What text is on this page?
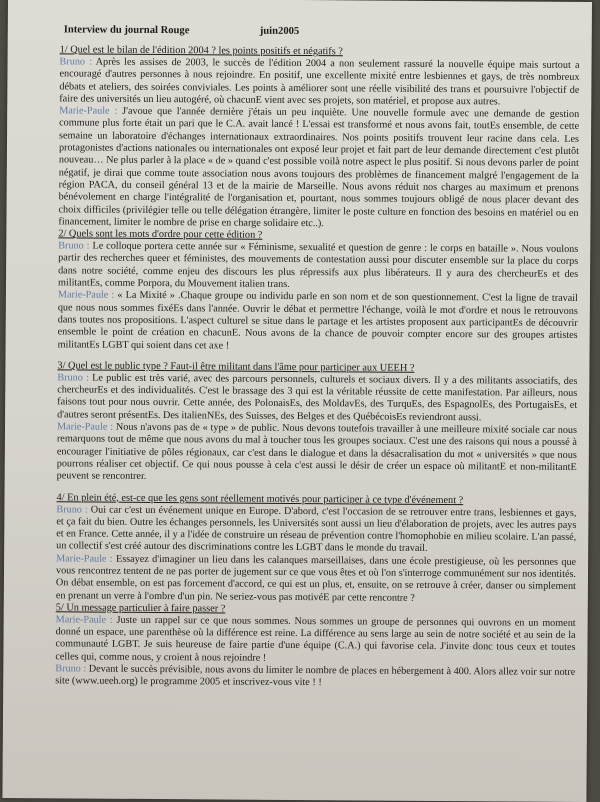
Interview du journal Rouge	juin2005

1/ Quel est le bilan de l'édition 2004 ? les points positifs et négatifs ?

Bruno : Après les assises de 2003, le succès de l'édition 2004 a non seulement rassuré la nouvelle équipe mais surtout a encouragé d'autres personnes à nous rejoindre. En positif, une excellente mixité entre lesbiennes et gays, de très nombreux débats et ateliers, des soirées conviviales. Les points à améliorer sont une réelle visibilité des trans et poursuivre l'objectif de faire des universités un lieu autogéré, où chacunE vient avec ses projets, son matériel, et propose aux autres.

Marie-Paule : J'avoue que l'année dernière j'étais un peu inquiète. Une nouvelle formule avec une demande de gestion commune plus forte était un pari que le C.A. avait lancé ! L'essai est transformé et nous avons fait, toutEs ensemble, de cette semaine un laboratoire d'échanges internationaux extraordinaires. Nos points positifs trouvent leur racine dans cela. Les protagonistes d'actions nationales ou internationales ont exposé leur projet et fait part de leur demande directement c'est plutôt nouveau… Ne plus parler à la place « de » quand c'est possible voilà notre aspect le plus positif. Si nous devons parler de point négatif, je dirai que comme toute association nous avons toujours des problèmes de financement malgré l'engagement de la région PACA, du conseil général 13 et de la mairie de Marseille. Nous avons réduit nos charges au maximum et prenons bénévolement en charge l'intégralité de l'organisation et, pourtant, nous sommes toujours obligé de nous placer devant des choix difficiles (privilégier telle ou telle délégation étrangère, limiter le poste culture en fonction des besoins en matériel ou en financement, limiter le nombre de prise en charge solidaire etc..).

2/ Quels sont les mots d'ordre pour cette édition ?

Bruno : Le colloque portera cette année sur « Féminisme, sexualité et question de genre : le corps en bataille ». Nous voulons partir des recherches queer et féministes, des mouvements de contestation aussi pour discuter ensemble sur la place du corps dans notre société, comme enjeu des discours les plus répressifs aux plus libérateurs. Il y aura des chercheurEs et des militantEs, comme Porpora, du Mouvement italien trans.

Marie-Paule : « La Mixité » .Chaque groupe ou individu parle en son nom et de son questionnement. C'est la ligne de travail que nous nous sommes fixéEs dans l'année. Ouvrir le débat et permettre l'échange, voilà le mot d'ordre et nous le retrouvons dans toutes nos propositions. L'aspect culturel se situe dans le partage et les artistes proposent aux participantEs de découvrir ensemble le point de création en chacunE. Nous avons de la chance de pouvoir compter encore sur des groupes artistes militantEs LGBT qui soient dans cet axe !

3/ Quel est le public type ? Faut-il être militant dans l'âme pour participer aux UEEH ?

Bruno : Le public est très varié, avec des parcours personnels, culturels et sociaux divers. Il y a des militants associatifs, des chercheurEs et des individualités. C'est le brassage des 3 qui est la véritable réussite de cette manifestation. Par ailleurs, nous faisons tout pour nous ouvrir. Cette année, des PolonaisEs, des MoldavEs, des TurquEs, des EspagnolEs, des PortugaisEs, et d'autres seront présentEs. Des italienNEs, des Suisses, des Belges et des QuébécoisEs reviendront aussi.

Marie-Paule : Nous n'avons pas de « type » de public. Nous devons toutefois travailler à une meilleure mixité sociale car nous remarquons tout de même que nous avons du mal à toucher tous les groupes sociaux. C'est une des raisons qui nous a poussé à encourager l'initiative de pôles régionaux, car c'est dans le dialogue et dans la désacralisation du mot « universités » que nous pourrons réaliser cet objectif. Ce qui nous pousse à cela c'est aussi le désir de créer un espace où militantE et non-militantE peuvent se rencontrer.

4/ En plein été, est-ce que les gens sont réellement motivés pour participer à ce type d'événement ?

Bruno : Oui car c'est un événement unique en Europe. D'abord, c'est l'occasion de se retrouver entre trans, lesbiennes et gays, et ça fait du bien. Outre les échanges personnels, les Universités sont aussi un lieu d'élaboration de projets, avec les autres pays et en France. Cette année, il y a l'idée de construire un réseau de prévention contre l'homophobie en milieu scolaire. L'an passé, un collectif s'est créé autour des discriminations contre les LGBT dans le monde du travail.

Marie-Paule : Essayez d'imaginer un lieu dans les calanques marseillaises, dans une école prestigieuse, où les personnes que vous rencontrez tentent de ne pas porter de jugement sur ce que vous êtes et où l'on s'interroge communément sur nos identités. On débat ensemble, on est pas forcement d'accord, ce qui est un plus, et, ensuite, on se retrouve à créer, danser ou simplement en prenant un verre à l'ombre d'un pin. Ne seriez-vous pas motivéE par cette rencontre ?

5/ Un message particulier à faire passer ?

Marie-Paule : Juste un rappel sur ce que nous sommes. Nous sommes un groupe de personnes qui ouvrons en un moment donné un espace, une parenthèse où la différence est reine. La différence au sens large au sein de notre société et au sein de la communauté LGBT. Je suis heureuse de faire partie d'une équipe (C.A.) qui favorise cela. J'invite donc tous ceux et toutes celles qui, comme nous, y croient à nous rejoindre !

Bruno : Devant le succès prévisible, nous avons du limiter le nombre de places en hébergement à 400. Alors allez voir sur notre site (www.ueeh.org) le programme 2005 et inscrivez-vous vite ! !
